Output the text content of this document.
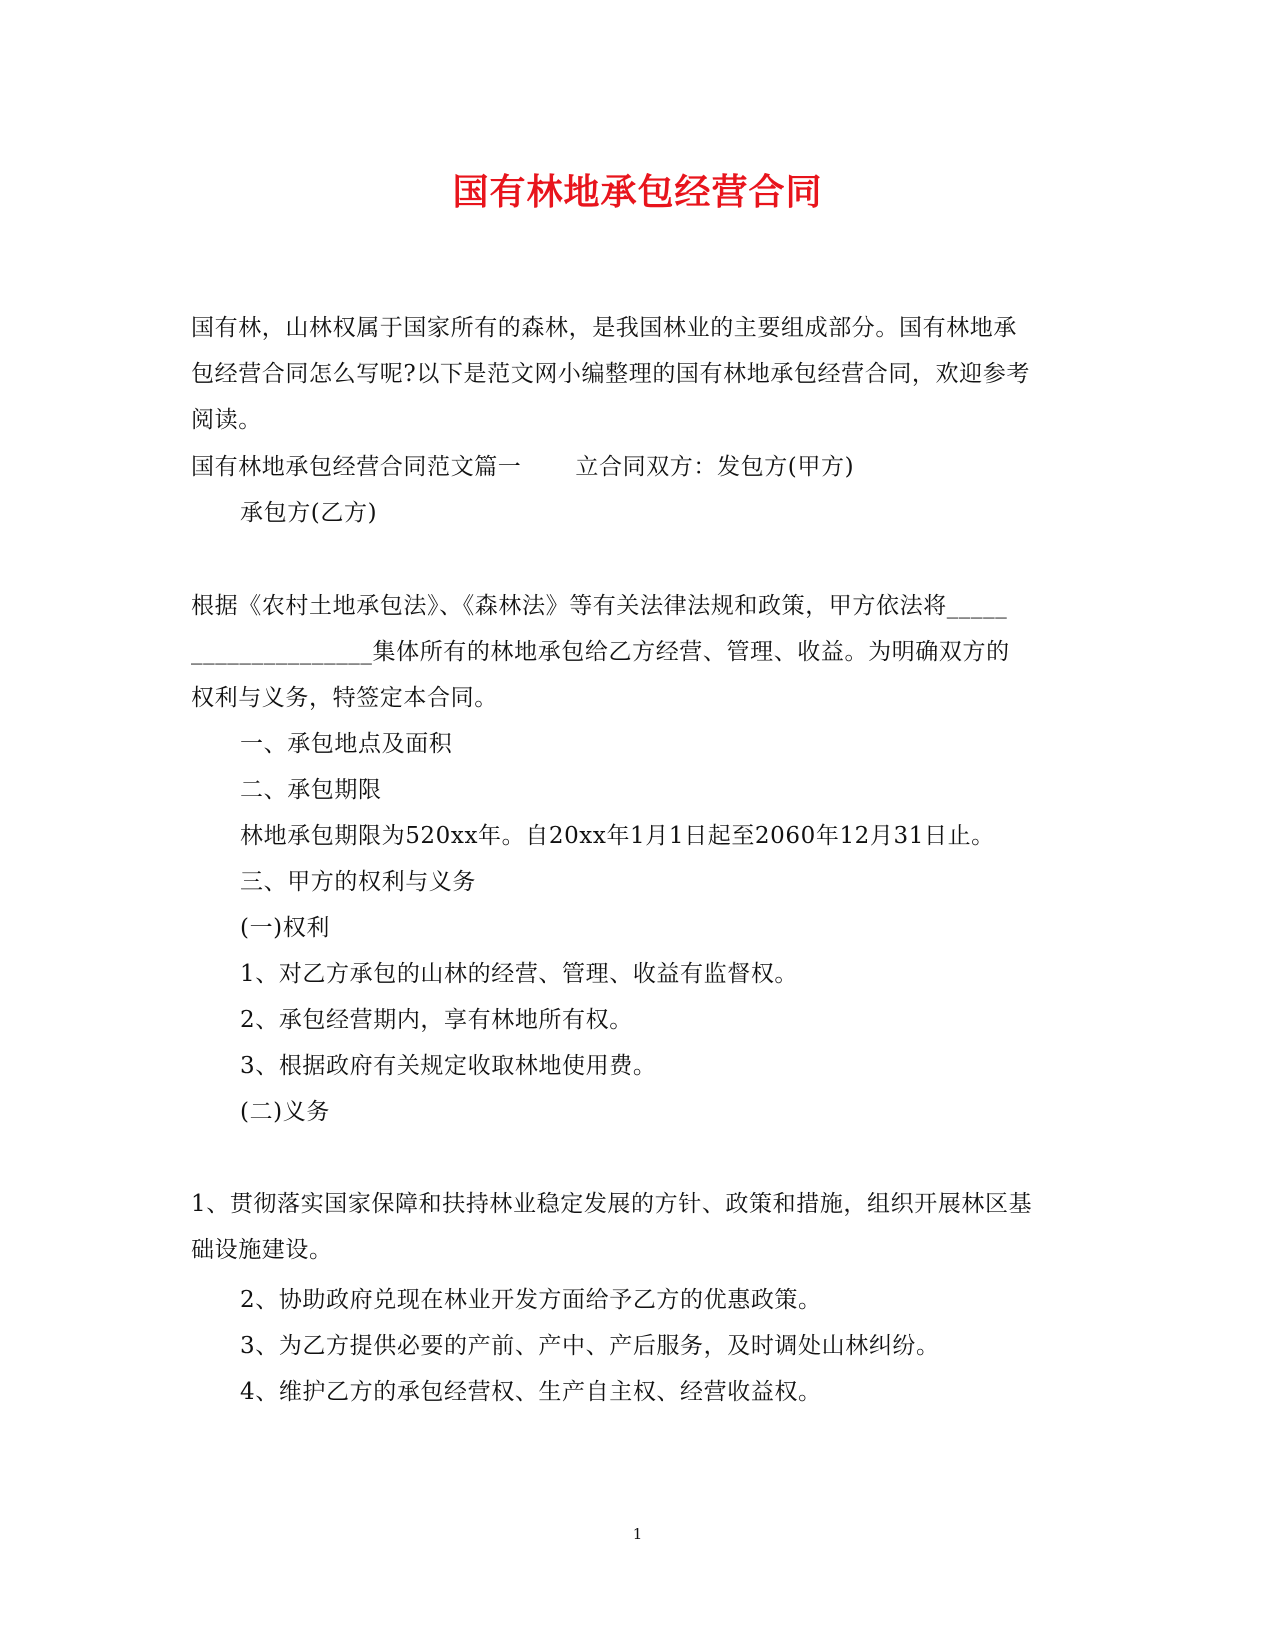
国有林地承包经营合同
国有林，山林权属于国家所有的森林，是我国林业的主要组成部分。国有林地承
包经营合同怎么写呢?以下是范文网小编整理的国有林地承包经营合同，欢迎参考
阅读。
国有林地承包经营合同范文篇一 立合同双方：发包方(甲方)
承包方(乙方)
根据《农村土地承包法》、《森林法》等有关法律法规和政策，甲方依法将_____
_______________集体所有的林地承包给乙方经营、管理、收益。为明确双方的
权利与义务，特签定本合同。
一、承包地点及面积
二、承包期限
林地承包期限为520xx年。自20xx年1月1日起至2060年12月31日止。
三、甲方的权利与义务
(一)权利
1、对乙方承包的山林的经营、管理、收益有监督权。
2、承包经营期内，享有林地所有权。
3、根据政府有关规定收取林地使用费。
(二)义务
1、贯彻落实国家保障和扶持林业稳定发展的方针、政策和措施，组织开展林区基
础设施建设。
2、协助政府兑现在林业开发方面给予乙方的优惠政策。
3、为乙方提供必要的产前、产中、产后服务，及时调处山林纠纷。
4、维护乙方的承包经营权、生产自主权、经营收益权。
1
